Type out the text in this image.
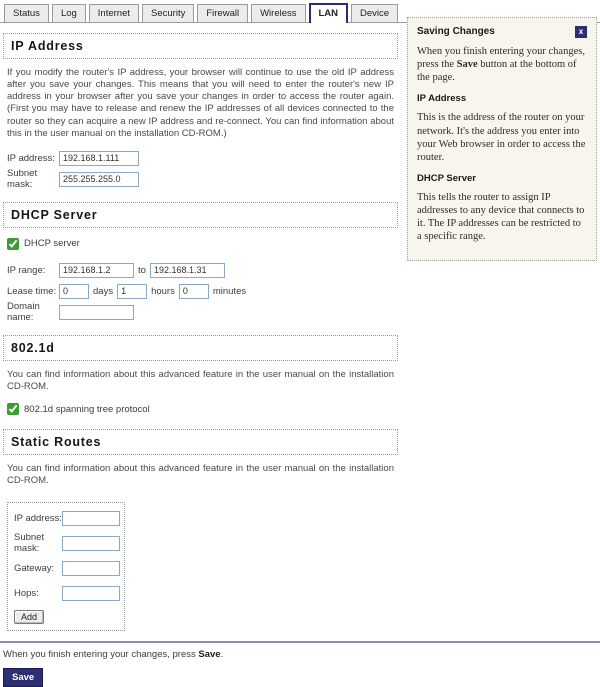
Status	Log	Internet	Security	Firewall	Wireless	LAN	Device
IP Address

If you modify the router's IP address, your browser will continue to use the old IP address after you save your changes. This means that you will need to enter the router's new IP address in your browser after you save your changes in order to access the router again. (First you may have to release and renew the IP addresses of all devices connected to the router so they can acquire a new IP address and re-connect. You can find information about this in the user manual on the installation CD-ROM.)

IP address:
192.168.1.111
Subnet mask:
255.255.255.0
DHCP Server
DHCP server
IP range:
192.168.1.2	to
192.168.1.31
Lease time:
0	days
1	hours
0	minutes
Domain name:
802.1d

You can find information about this advanced feature in the user manual on the installation CD-ROM.

802.1d spanning tree protocol
Static Routes

You can find information about this advanced feature in the user manual on the installation CD-ROM.

IP address:
Subnet mask:
Gateway:
Hops:
Add
When you finish entering your changes, press Save.
Save
Saving Changes	x

When you finish entering your changes, press the Save button at the bottom of the page.

IP Address

This is the address of the router on your network. It's the address you enter into your Web browser in order to access the router.

DHCP Server

This tells the router to assign IP addresses to any device that connects to it. The IP addresses can be restricted to a specific range.
